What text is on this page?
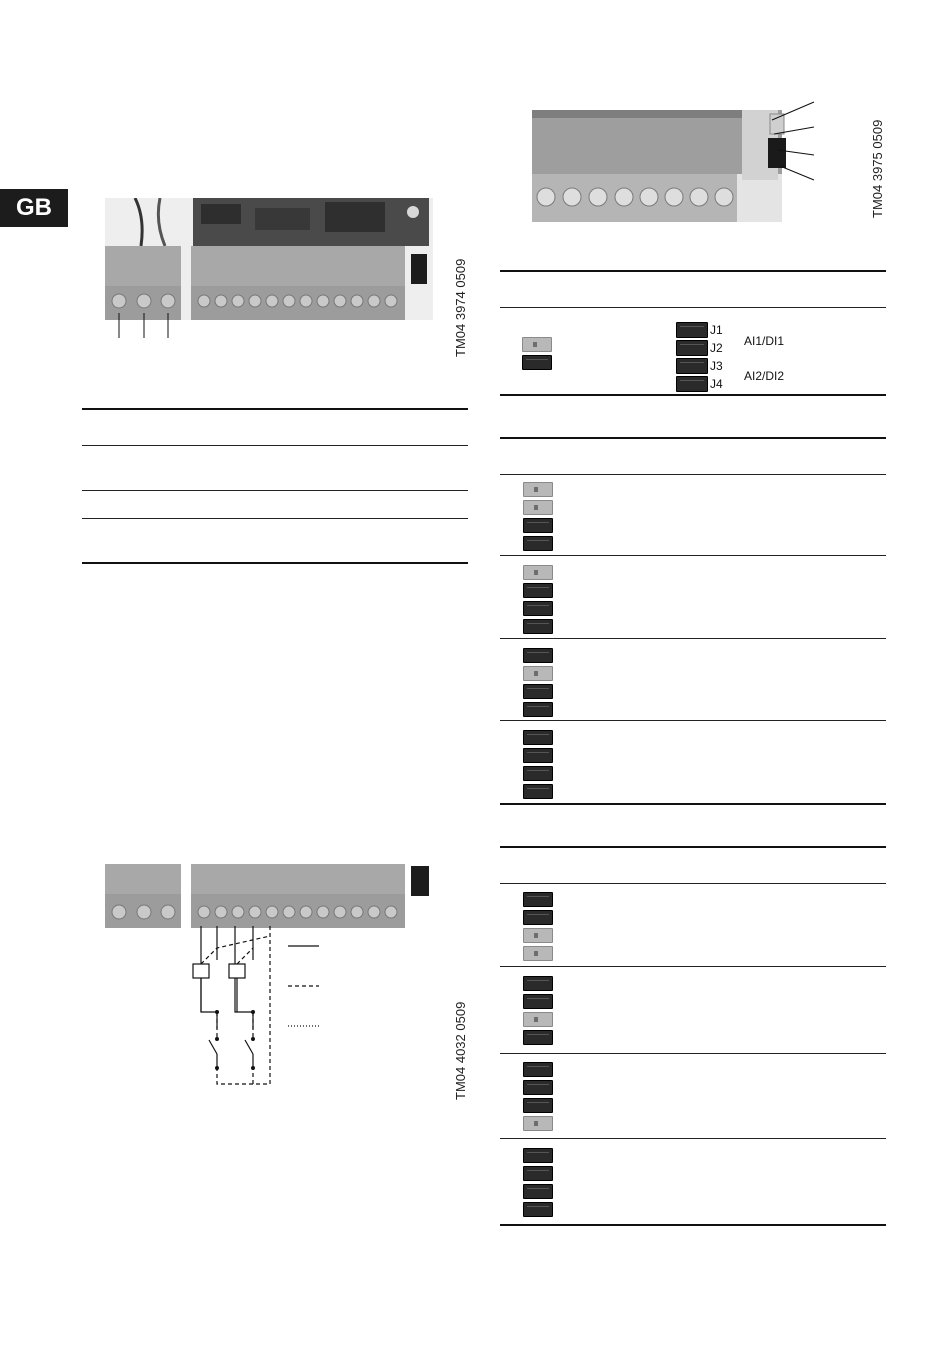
GB
TM04 3974 0509
TM04 4032 0509
TM04 3975 0509
J1
J2
J3
J4
AI1/DI1
AI2/DI2
